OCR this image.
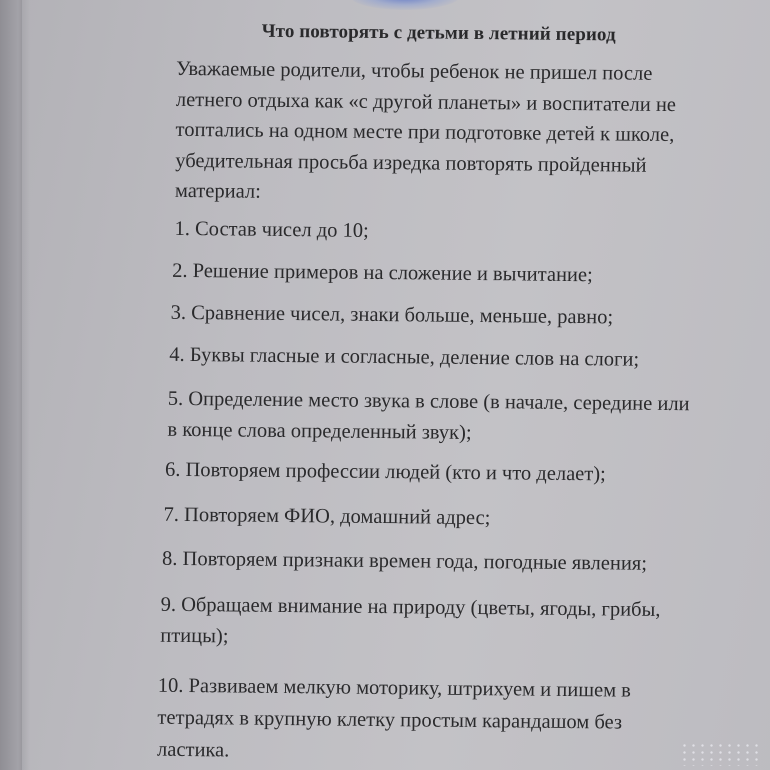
Что повторять с детьми в летний период
Уважаемые родители, чтобы ребенок не пришел после
летнего отдыха как «с другой планеты» и воспитатели не
топтались на одном месте при подготовке детей к школе,
убедительная просьба изредка повторять пройденный
материал:
1. Состав чисел до 10;
2. Решение примеров на сложение и вычитание;
3. Сравнение чисел, знаки больше, меньше, равно;
4. Буквы гласные и согласные, деление слов на слоги;
5. Определение место звука в слове (в начале, середине или
в конце слова определенный звук);
6. Повторяем профессии людей (кто и что делает);
7. Повторяем ФИО, домашний адрес;
8. Повторяем признаки времен года, погодные явления;
9. Обращаем внимание на природу (цветы, ягоды, грибы,
птицы);
10. Развиваем мелкую моторику, штрихуем и пишем в
тетрадях в крупную клетку простым карандашом без
ластика.
